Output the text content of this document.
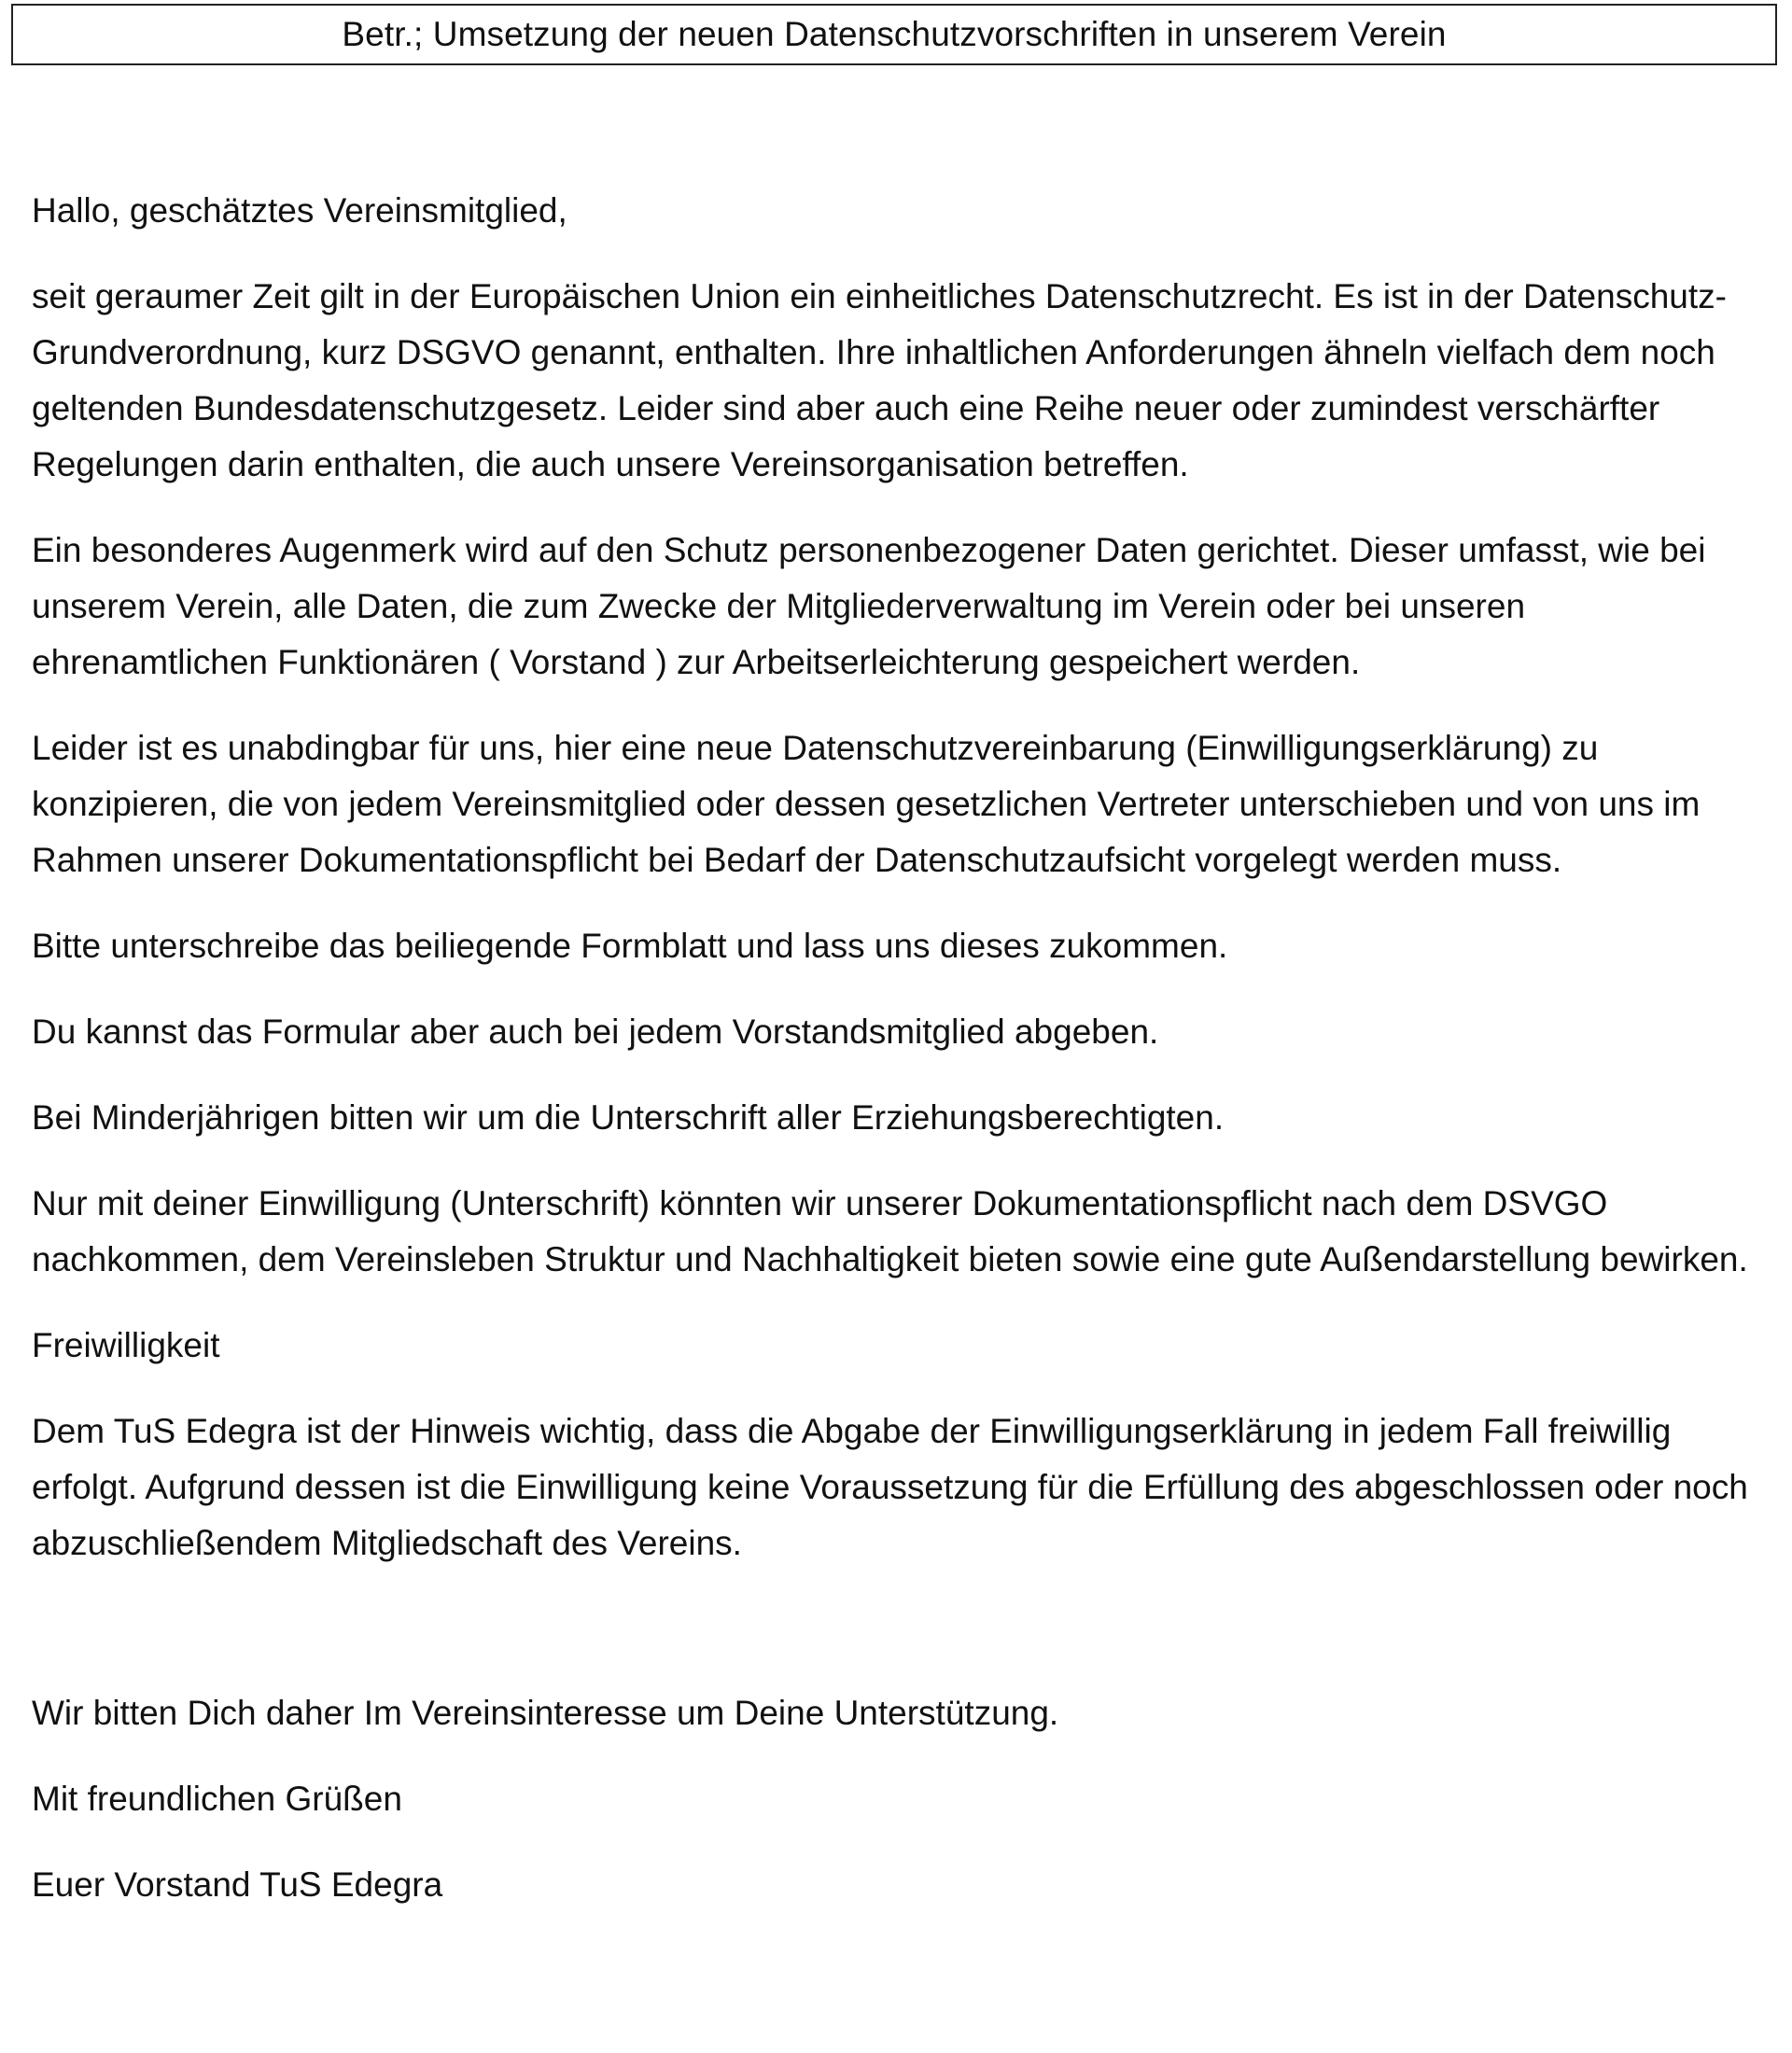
Betr.; Umsetzung der neuen Datenschutzvorschriften in unserem Verein

Hallo, geschätztes Vereinsmitglied,

seit geraumer Zeit gilt in der Europäischen Union ein einheitliches Datenschutzrecht. Es ist in der Datenschutz-Grundverordnung, kurz DSGVO genannt, enthalten. Ihre inhaltlichen Anforderungen ähneln vielfach dem noch geltenden Bundesdatenschutzgesetz. Leider sind aber auch eine Reihe neuer oder zumindest verschärfter Regelungen darin enthalten, die auch unsere Vereinsorganisation betreffen.

Ein besonderes Augenmerk wird auf den Schutz personenbezogener Daten gerichtet. Dieser umfasst, wie bei unserem Verein, alle Daten, die zum Zwecke der Mitgliederverwaltung im Verein oder bei unseren ehrenamtlichen Funktionären ( Vorstand ) zur Arbeitserleichterung gespeichert werden.

Leider ist es unabdingbar für uns, hier eine neue Datenschutzvereinbarung (Einwilligungserklärung) zu konzipieren, die von jedem Vereinsmitglied oder dessen gesetzlichen Vertreter unterschieben und von uns im Rahmen unserer Dokumentationspflicht bei Bedarf der Datenschutzaufsicht vorgelegt werden muss.

Bitte unterschreibe das beiliegende Formblatt und lass uns dieses zukommen.

Du kannst das Formular aber auch bei jedem Vorstandsmitglied abgeben.

Bei Minderjährigen bitten wir um die Unterschrift aller Erziehungsberechtigten.

Nur mit deiner Einwilligung (Unterschrift) könnten wir unserer Dokumentationspflicht nach dem DSVGO nachkommen, dem Vereinsleben Struktur und Nachhaltigkeit bieten sowie eine gute Außendarstellung bewirken.

Freiwilligkeit

Dem TuS Edegra ist der Hinweis wichtig, dass die Abgabe der Einwilligungserklärung in jedem Fall freiwillig erfolgt. Aufgrund dessen ist die Einwilligung keine Voraussetzung für die Erfüllung des abgeschlossen oder noch abzuschließendem Mitgliedschaft des Vereins.

Wir bitten Dich daher Im Vereinsinteresse um Deine Unterstützung.

Mit freundlichen Grüßen

Euer Vorstand TuS Edegra
